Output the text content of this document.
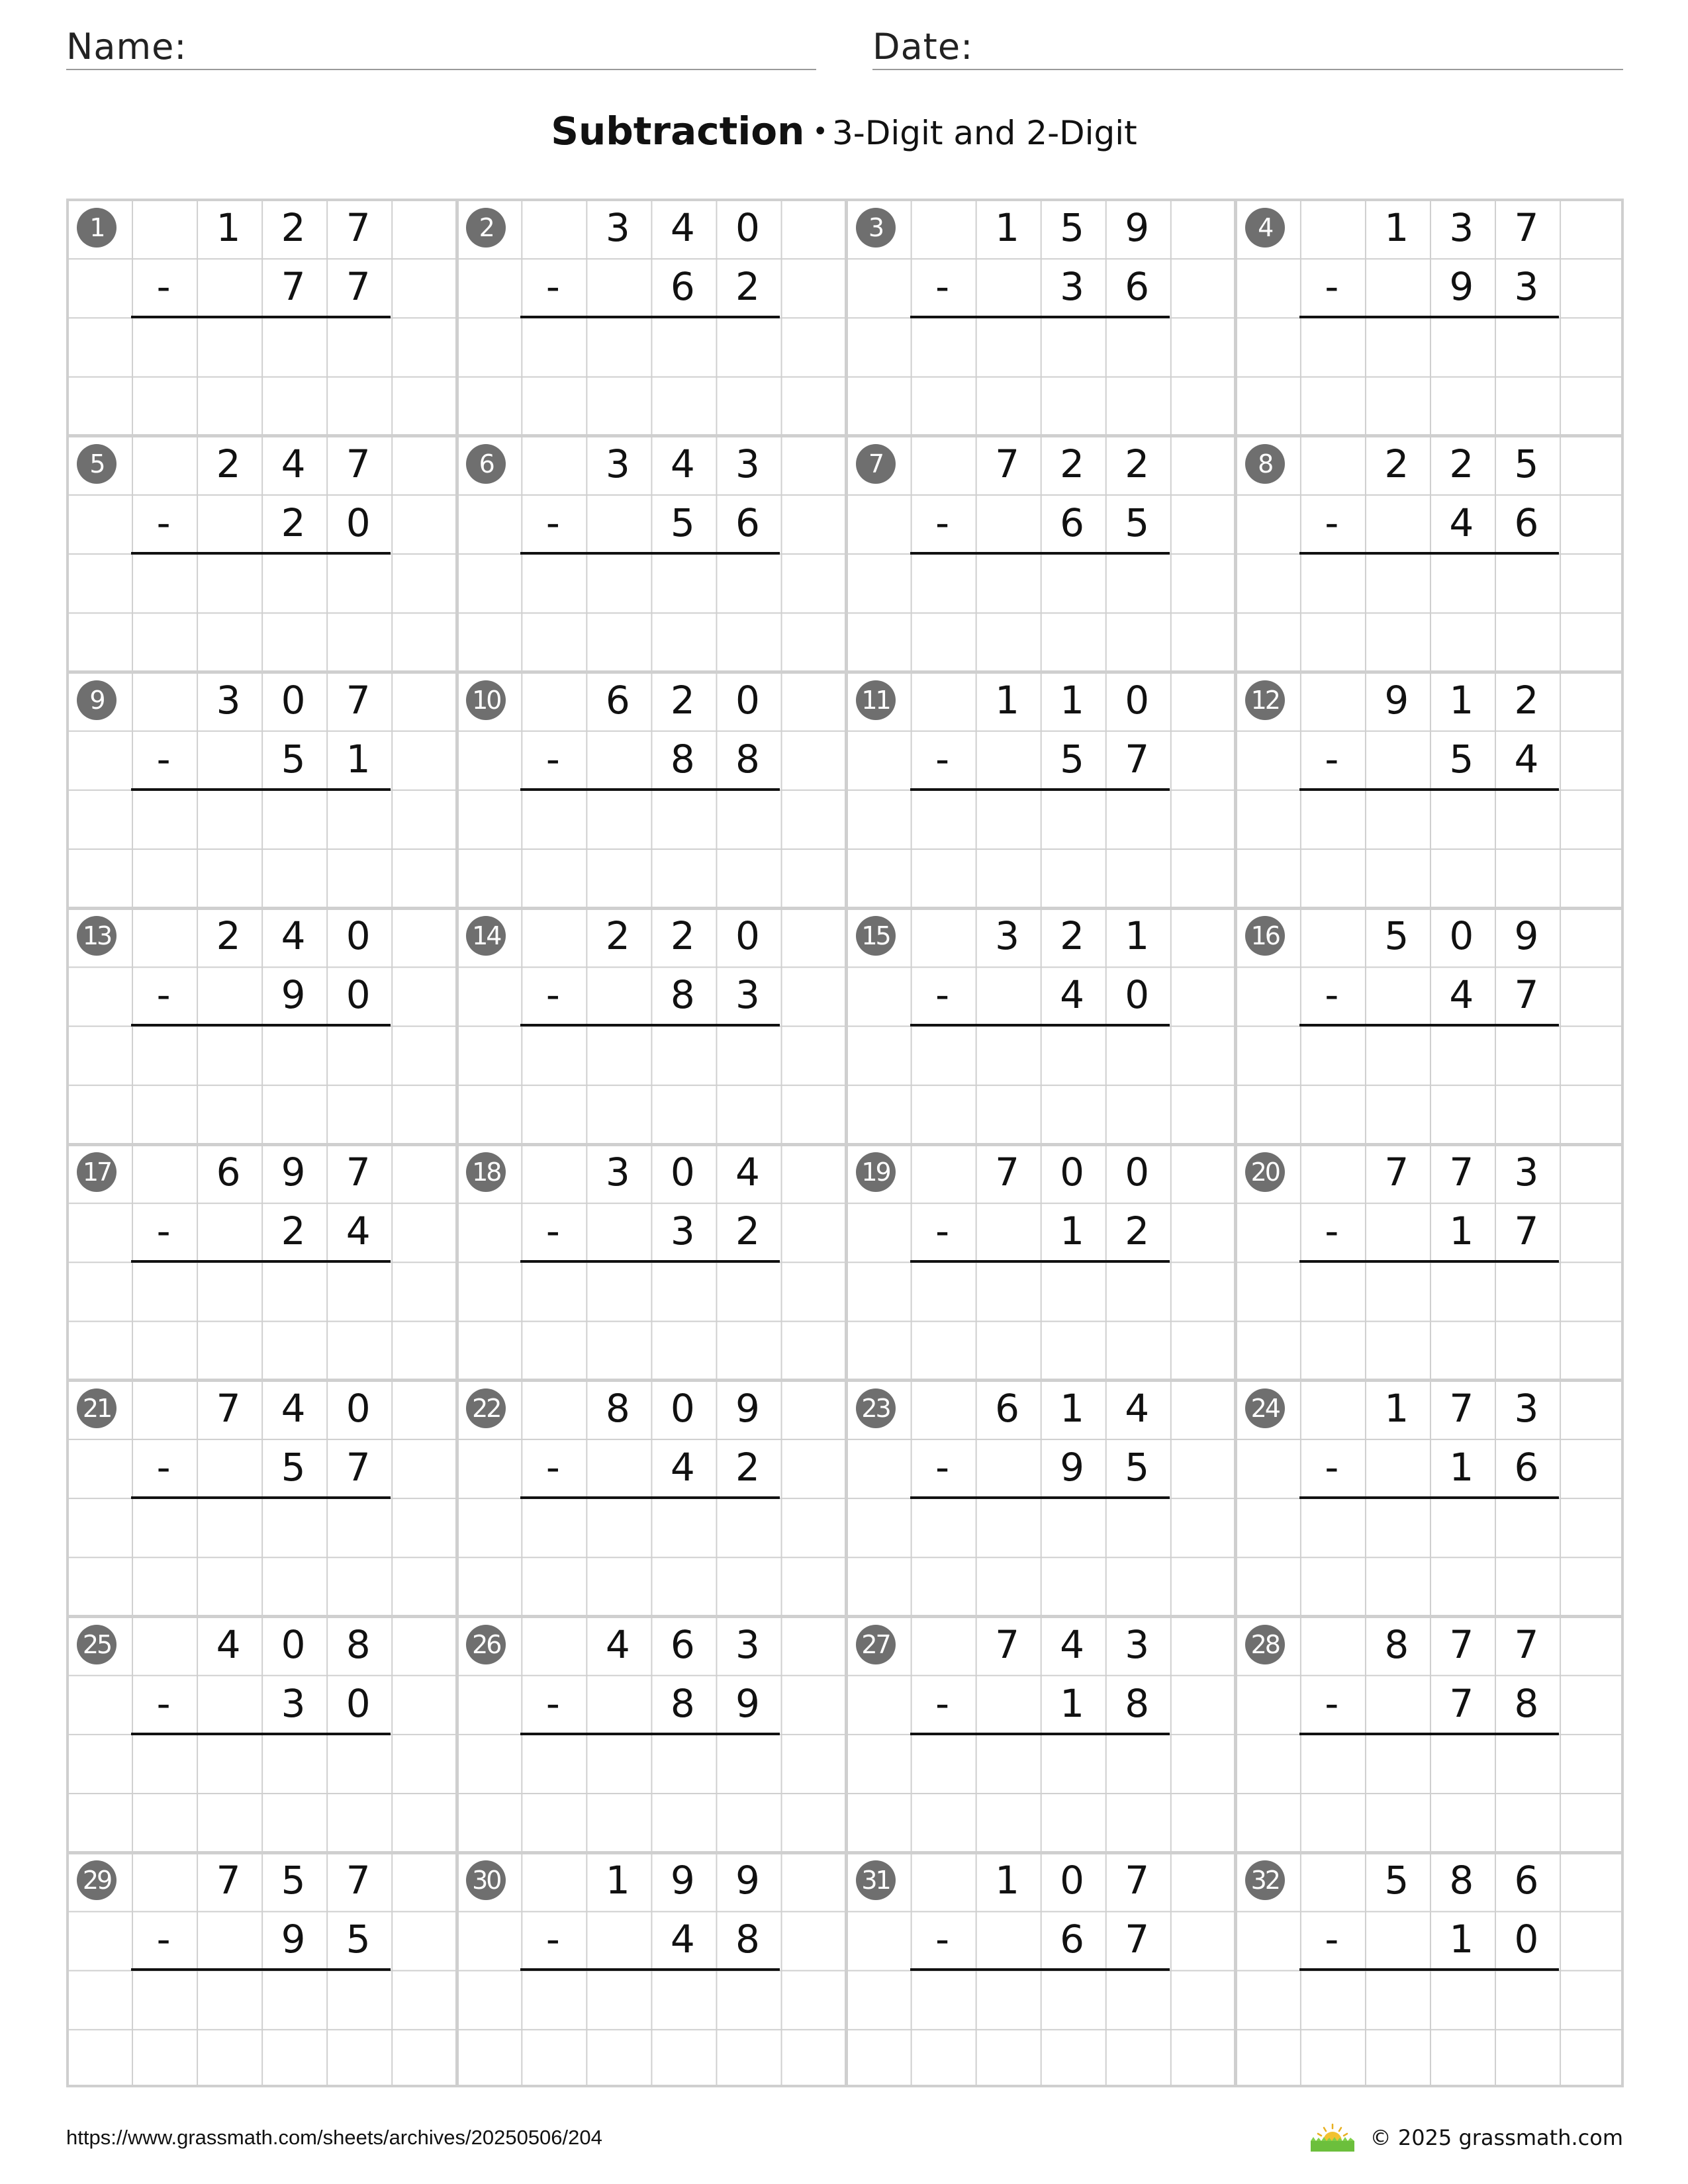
Name:	Date:
Subtraction • 3-Digit and 2-Digit
1	1	2	7
7	7
-
2	3	4	0
6	2
-
3	1	5	9
3	6
-
4	1	3	7
9	3
-
5	2	4	7
2	0
-
6	3	4	3
5	6
-
7	7	2	2
6	5
-
8	2	2	5
4	6
-
9	3	0	7
5	1
-
10	6	2	0
8	8
-
11	1	1	0
5	7
-
12	9	1	2
5	4
-
13	2	4	0
9	0
-
14	2	2	0
8	3
-
15	3	2	1
4	0
-
16	5	0	9
4	7
-
17	6	9	7
2	4
-
18	3	0	4
3	2
-
19	7	0	0
1	2
-
20	7	7	3
1	7
-
21	7	4	0
5	7
-
22	8	0	9
4	2
-
23	6	1	4
9	5
-
24	1	7	3
1	6
-
25	4	0	8
3	0
-
26	4	6	3
8	9
-
27	7	4	3
1	8
-
28	8	7	7
7	8
-
29	7	5	7
9	5
-
30	1	9	9
4	8
-
31	1	0	7
6	7
-
32	5	8	6
1	0
-
https://www.grassmath.com/sheets/archives/20250506/204	© 2025 grassmath.com
